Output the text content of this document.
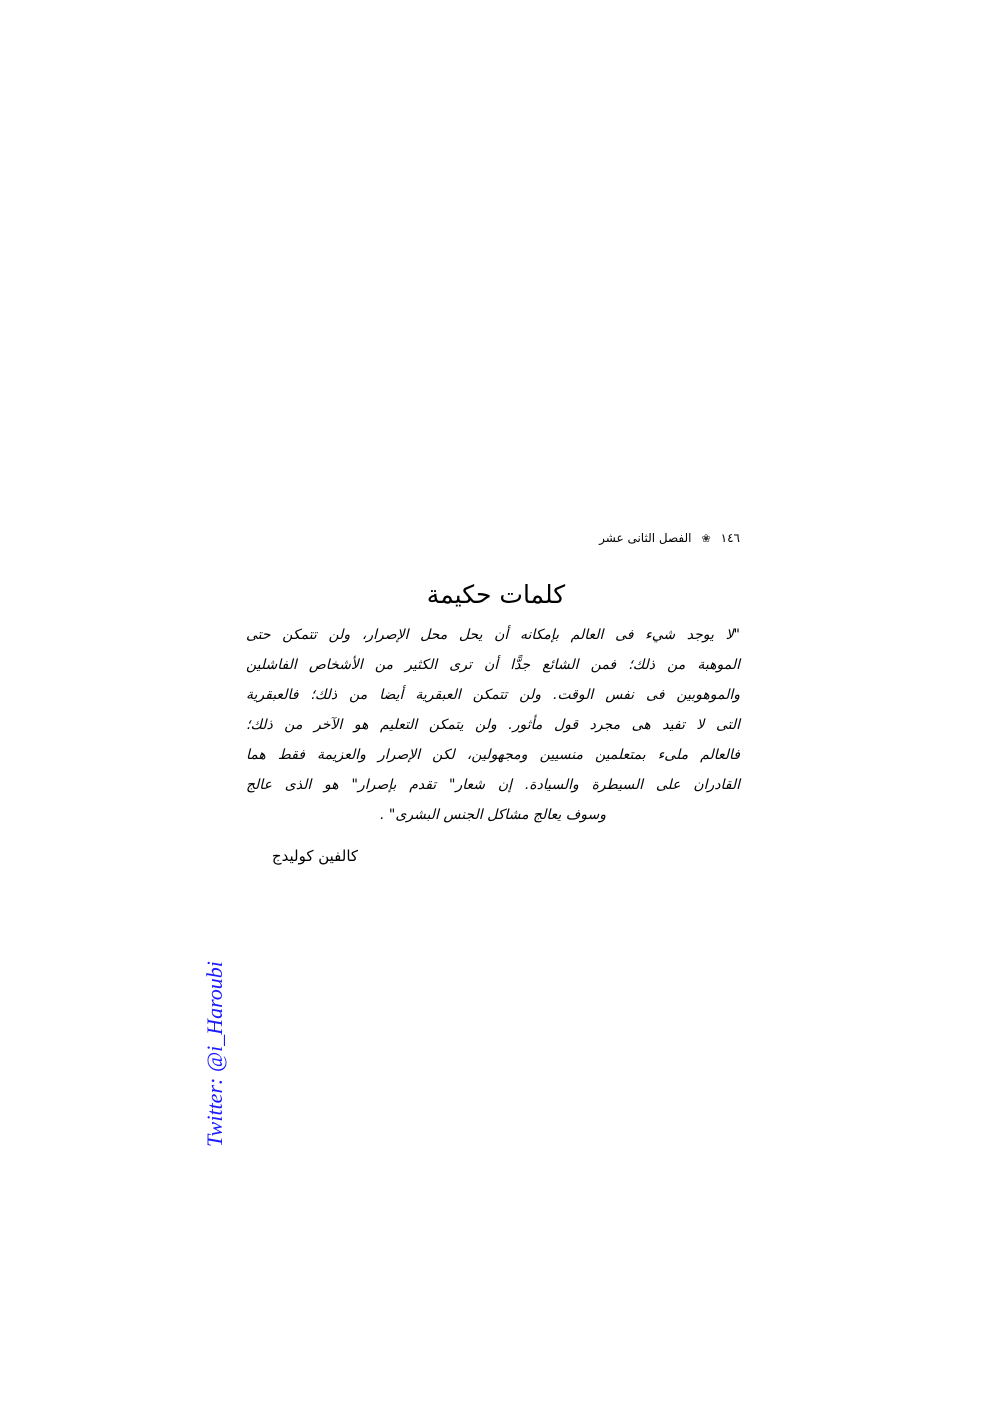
١٤٦
❀
الفصل الثانى عشر
كلمات حكيمة
"لا يوجد شيء فى العالم بإمكانه أن يحل محل الإصرار، ولن تتمكن حتى
الموهبة من ذلك؛ فمن الشائع جدًّا أن ترى الكثير من الأشخاص الفاشلين
والموهوبين فى نفس الوقت. ولن تتمكن العبقرية أيضا من ذلك؛ فالعبقرية
التى لا تفيد هى مجرد قول مأثور. ولن يتمكن التعليم هو الآخر من ذلك؛
فالعالم ملىء بمتعلمين منسيين ومجهولين، لكن الإصرار والعزيمة فقط هما
القادران على السيطرة والسيادة. إن شعار" تقدم بإصرار" هو الذى عالج
وسوف يعالج مشاكل الجنس البشرى" .
كالفين كوليدج
Twitter: @i_Haroubi
